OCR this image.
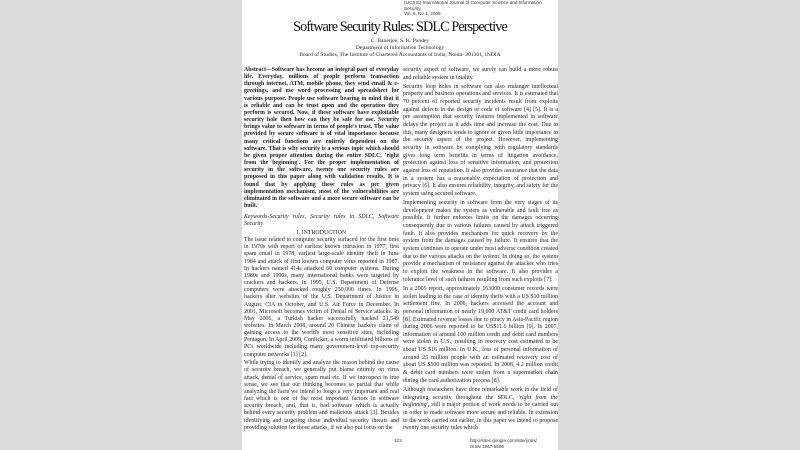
(IJCSIS) International Journal of Computer Science and Information Security,
Vol. 6, No.1, 2009
Software Security Rules: SDLC Perspective
C. Banerjee, S. K. Pandey
Department of Information Technology
Board of Studies, The Institute of Chartered Accountants of India, Noida- 201301, INDIA

Abstract—Software has become an integral part of everyday life. Everyday, millions of people perform transaction through internet, ATM, mobile phone, they send email & e-greetings, and use word processing and spreadsheet for various purpose. People use software bearing in mind that it is reliable and can be trust upon and the operation they perform is secured. Now, if these software have exploitable security hole then how can they be safe for use. Security brings value to software in terms of people's trust. The value provided by secure software is of vital importance because many critical functions are entirely dependent on the software. That is why security is a serious topic which should be given proper attention during the entire SDLC, 'right from the beginning'. For the proper implementation of security in the software, twenty one security rules are proposed in this paper along with validation results. It is found that by applying these rules as per given implementation mechanism, most of the vulnerabilities are eliminated in the software and a more secure software can be built.

Keywords-Security rules, Security rules in SDLC, Software Security

I. INTRODUCTION

The issue related to computer security surfaced for the first time in 1970s with report of earliest known intrusion in 1977, first spam email in 1978, earliest large-scale identity theft in June 1984 and attack of first known computer virus reported in 1987. In hackers named 414s attacked 60 computer systems. During 1980s and 1990s, many international banks were targeted by crackers and hackers. In 1995, U.S. Department of Defense computers were attacked roughly 250,000 times. In 1996, hackers alter websites of the U.S. Department of Justice in August, CIA in October, and U.S. Air Force in December. In 2001, Microsoft becomes victim of Denial of Service attacks. In May 2006, a Turkish hacker successfully hacked 21,549 websites. In March 2008, around 20 Chinese hackers claim of gaining access to the world's most sensitive sites, including Pentagon. In April 2009, Conficker, a worm infiltrated billions of PCs worldwide including many government-level top-security computer networks [1] [2].

While trying to identify and analyze the reason behind the cause of security breach, we generally put blame entirely on virus attack, denial of service, spam mail etc. If we introspect in true sense, we see that our thinking becomes so partial that while analyzing the facts we intend to forgo a very important and real fact which is one of the most important factors in software security breach, and, that is, bad software which is actually behind every security problem and malicious attack [3]. Besides identifying and targeting those individual security threats and providing solution for those attacks, if we also put focus on the

security aspect of software, we surely can build a more robust and reliable system in totality.

Security loop holes in software can also endanger intellectual property and business operations and services. It is estimated that 70 percent of reported security incidents result from exploits against defects in the design or code of software [4] [5]. It is a pre assumption that security features implemented in software delays the project as it adds time and increase the cost. Due to this, many designers tends to ignore or given little importance to the security aspect of the project. However, implementing security in software by complying with regulatory standards gives long term benefits in terms of litigation avoidance, protection against loss of sensitive information, and protection against loss of reputation. It also provides assurance that the data in a system has a reasonably expectation of protection and privacy [6]. It also ensures reliability, integrity, and safety for the system using secured software.

Implementing security in software from the very stages of its development makes the system as vulnerable and fault free as possible. It further enforces limits on the damages occurring consequently due to various failures caused by attack triggered fault. It also provides mechanism for quick recovery by the system from the damages caused by failure. It ensures that the system continues to operate under most adverse condition created due to the various attacks on the system. In doing so, the system provide a mechanism of resistance against the attacker who tries to exploit the weakness in the software. It also provides a tolerance level of such failures resulting from such exploits [7].

In a 2005 report, approximately 163000 consumer records were stolen leading to the case of identity thefts with a US $10 million settlement fine. In 2006, hackers accessed the account and personal information of nearly 19,000 AT&T credit card holders [8]. Estimated revenue losses due to piracy in Asia-Pacific region during 2006 were reported to be US$11.6 billion [9]. In 2007, information of around 100 million credit and debit card numbers were stolen in U.S., resulting in recovery cost estimated to be about US $16 million. In U.K., loss of personal information of around 25 million people with an estimated recovery cost of about US $500 million was reported. In 2008, 4.2 million credit & debit card numbers were stolen from a supermarket chain during the card authorization process [8].

Although researchers have done remarkable work in the field of integrating security throughout the SDLC, 'right from the beginning', still a major portion of work needs to be carried out in order to made software more secure and reliable. In extension to the work carried out earlier, in this paper we intend to propose twenty one security rules which

123	http://sites.google.com/site/ijcsis/
ISSN 1947-5500
